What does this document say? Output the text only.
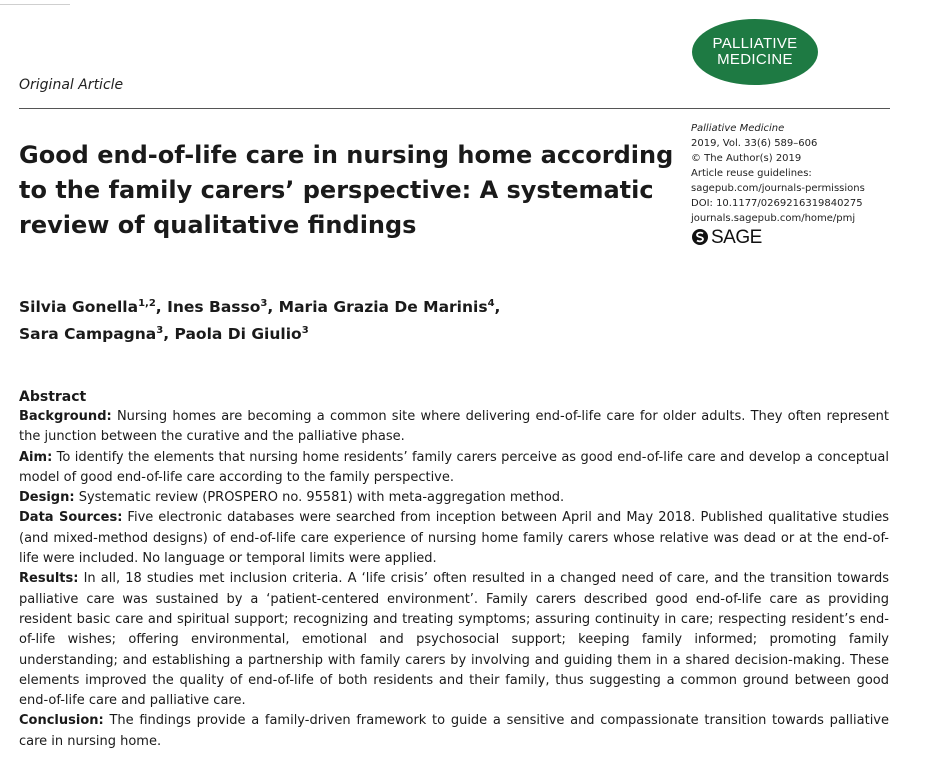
PALLIATIVE
MEDICINE
Original Article
Good end-of-life care in nursing home according to the family carers’ perspective: A systematic review of qualitative findings
Palliative Medicine
2019, Vol. 33(6) 589–606
© The Author(s) 2019
Article reuse guidelines:
sagepub.com/journals-permissions
DOI: 10.1177/0269216319840275
journals.sagepub.com/home/pmj
SAGE
Silvia Gonella$^{1,2}$, Ines Basso$^3$, Maria Grazia De Marinis$^4$,
Sara Campagna$^3$, Paola Di Giulio$^3$
Abstract

Background: Nursing homes are becoming a common site where delivering end-of-life care for older adults. They often represent the junction between the curative and the palliative phase.

Aim: To identify the elements that nursing home residents’ family carers perceive as good end-of-life care and develop a conceptual model of good end-of-life care according to the family perspective.

Design: Systematic review (PROSPERO no. 95581) with meta-aggregation method.

Data Sources: Five electronic databases were searched from inception between April and May 2018. Published qualitative studies (and mixed-method designs) of end-of-life care experience of nursing home family carers whose relative was dead or at the end-of-life were included. No language or temporal limits were applied.

Results: In all, 18 studies met inclusion criteria. A ‘life crisis’ often resulted in a changed need of care, and the transition towards palliative care was sustained by a ‘patient-centered environment’. Family carers described good end-of-life care as providing resident basic care and spiritual support; recognizing and treating symptoms; assuring continuity in care; respecting resident’s end-of-life wishes; offering environmental, emotional and psychosocial support; keeping family informed; promoting family understanding; and establishing a partnership with family carers by involving and guiding them in a shared decision-making. These elements improved the quality of end-of-life of both residents and their family, thus suggesting a common ground between good end-of-life care and palliative care.

Conclusion: The findings provide a family-driven framework to guide a sensitive and compassionate transition towards palliative care in nursing home.
